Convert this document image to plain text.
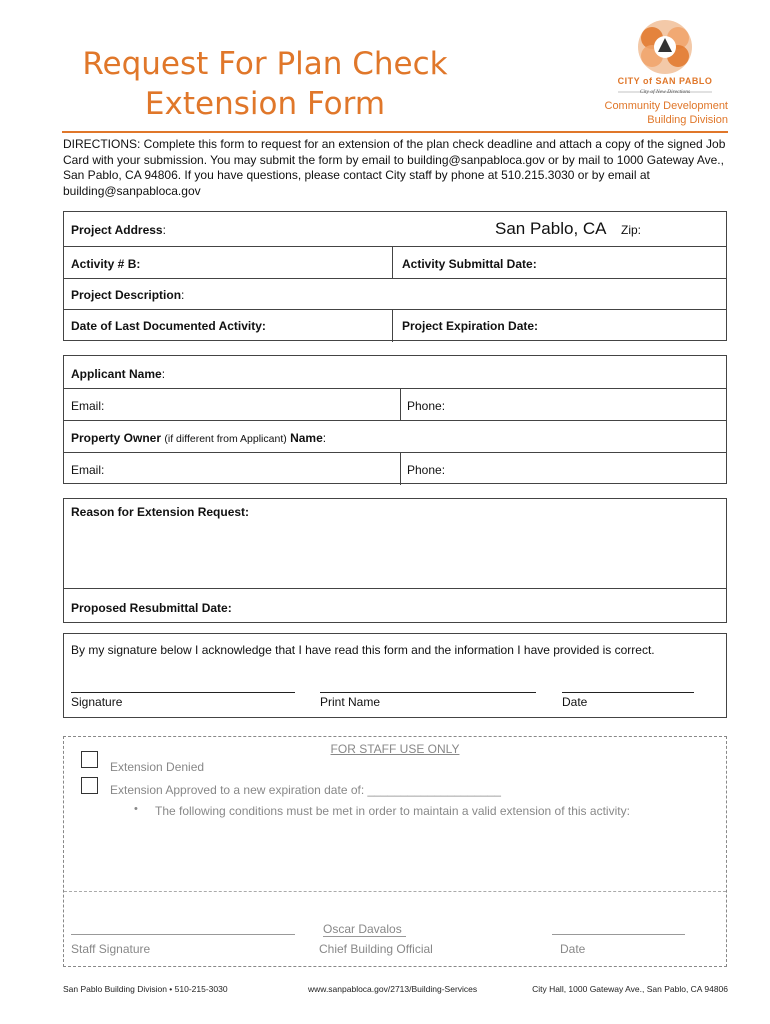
Request For Plan Check
Extension Form
CITY of SAN PABLO
City of New Directions
Community Development
Building Division
DIRECTIONS: Complete this form to request for an extension of the plan check deadline and attach a copy of the signed Job Card with your submission. You may submit the form by email to building@sanpabloca.gov or by mail to 1000 Gateway Ave., San Pablo, CA 94806. If you have questions, please contact City staff by phone at 510.215.3030 or by email at building@sanpabloca.gov
Project Address:	San Pablo, CA Zip:
Activity # B:	Activity Submittal Date:
Project Description:
Date of Last Documented Activity:	Project Expiration Date:
Applicant Name:
Email:	Phone:
Property Owner (if different from Applicant) Name:
Email:	Phone:
Reason for Extension Request:
Proposed Resubmittal Date:
By my signature below I acknowledge that I have read this form and the information I have provided is correct.
Signature	Print Name	Date
FOR STAFF USE ONLY
Extension Denied
Extension Approved to a new expiration date of: ____________________
• The following conditions must be met in order to maintain a valid extension of this activity:
Oscar Davalos
Staff Signature	Chief Building Official	Date
San Pablo Building Division • 510-215-3030	www.sanpabloca.gov/2713/Building-Services	City Hall, 1000 Gateway Ave., San Pablo, CA 94806
